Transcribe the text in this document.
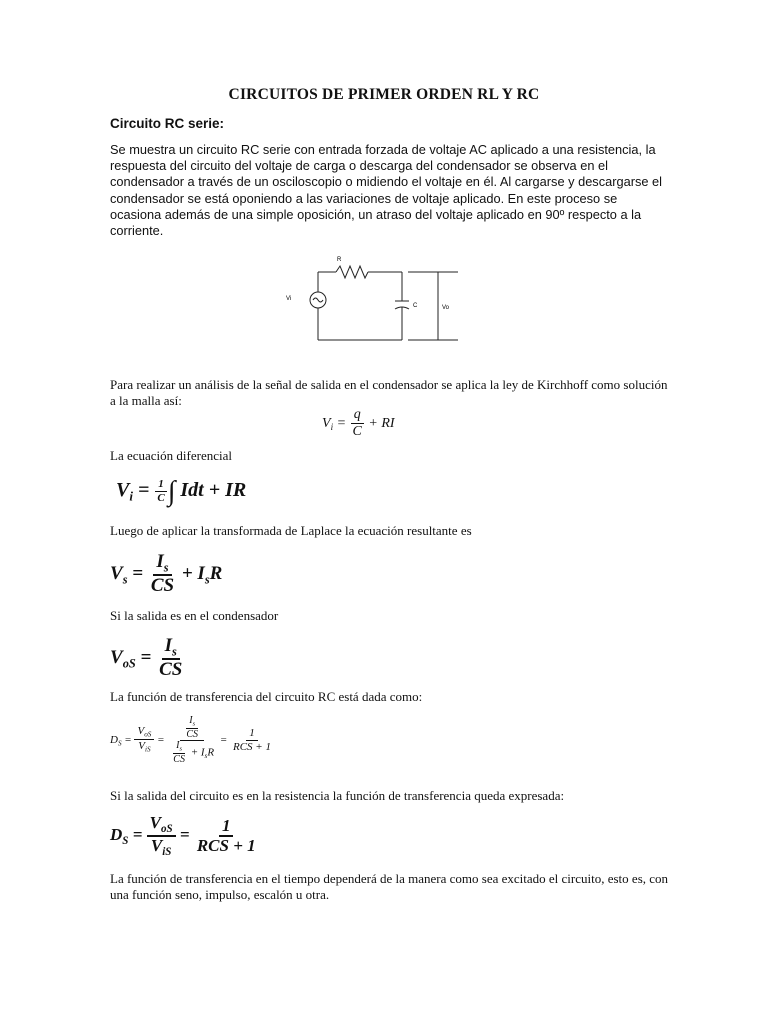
CIRCUITOS DE PRIMER ORDEN RL Y RC
Circuito RC serie:
Se muestra un circuito RC serie con entrada forzada de voltaje AC aplicado a una resistencia, la respuesta del circuito del voltaje de carga o descarga del condensador se observa en el condensador a través de un osciloscopio o midiendo el voltaje en él. Al cargarse y descargarse el condensador se está oponiendo a las variaciones de voltaje aplicado. En este proceso se ocasiona además de una simple oposición, un atraso del voltaje aplicado en 90º respecto a la corriente.
R
C
Vi
Vo
Para realizar un análisis de la señal de salida en el condensador se aplica la ley de Kirchhoff como solución a la malla así:
$V_i = \frac{q}{C}$ + RI
La ecuación diferencial
$V_i = \frac{1}{C}$ ∫ Idt + IR
Luego de aplicar la transformada de Laplace la ecuación resultante es
$V_s = \frac{I_s}{CS} + I_sR$
Si la salida es en el condensador
$V_{oS} = \frac{I_s}{CS}$
La función de transferencia del circuito RC está dada como:
$D_S = \frac{V_{oS}}{V_{iS}} = \frac{\frac{I_s}{CS}}{\frac{I_s}{CS} + I_sR} = \frac{1}{\text{RCS + 1}}$
Si la salida del circuito es en la resistencia la función de transferencia queda expresada:
$D_S = \frac{V_{oS}}{V_{iS}} = \frac{1}{\text{RCS + 1}}$
La función de transferencia en el tiempo dependerá de la manera como sea excitado el circuito, esto es, con una función seno, impulso, escalón u otra.
